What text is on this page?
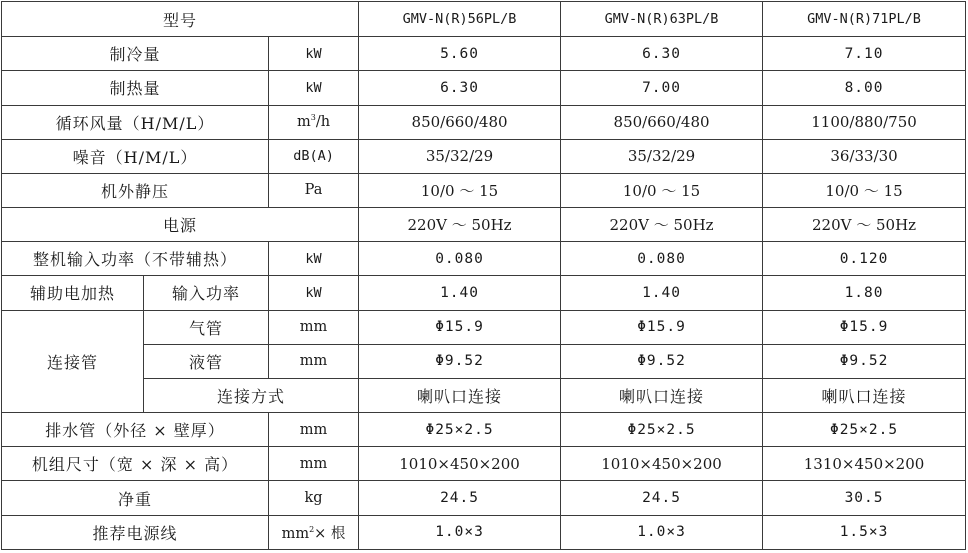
型号			GMV-N(R)56PL/B	GMV-N(R)63PL/B	GMV-N(R)71PL/B
制冷量		kW	5.60	6.30	7.10
制热量		kW	6.30	7.00	8.00
循环风量（H/M/L）		$m^3/h$	850/660/480	850/660/480	1100/880/750
噪音（H/M/L）		dB(A)	35/32/29	35/32/29	36/33/30
机外静压		Pa	10/0 ～ 15	10/0 ～ 15	10/0 ～ 15
电源			220V ～ 50Hz	220V ～ 50Hz	220V ～ 50Hz
整机输入功率（不带辅热）		kW	0.080	0.080	0.120
辅助电加热	输入功率	kW	1.40	1.40	1.80
连接管	气管	mm	Φ15.9	Φ15.9	Φ15.9
	液管	mm	Φ9.52	Φ9.52	Φ9.52
	连接方式		喇叭口连接	喇叭口连接	喇叭口连接
排水管（外径 × 壁厚）		mm	Φ25×2.5	Φ25×2.5	Φ25×2.5
机组尺寸（宽 × 深 × 高）		mm	1010×450×200	1010×450×200	1310×450×200
净重		kg	24.5	24.5	30.5
推荐电源线		$mm^2\times$ 根	1.0×3	1.0×3	1.5×3
